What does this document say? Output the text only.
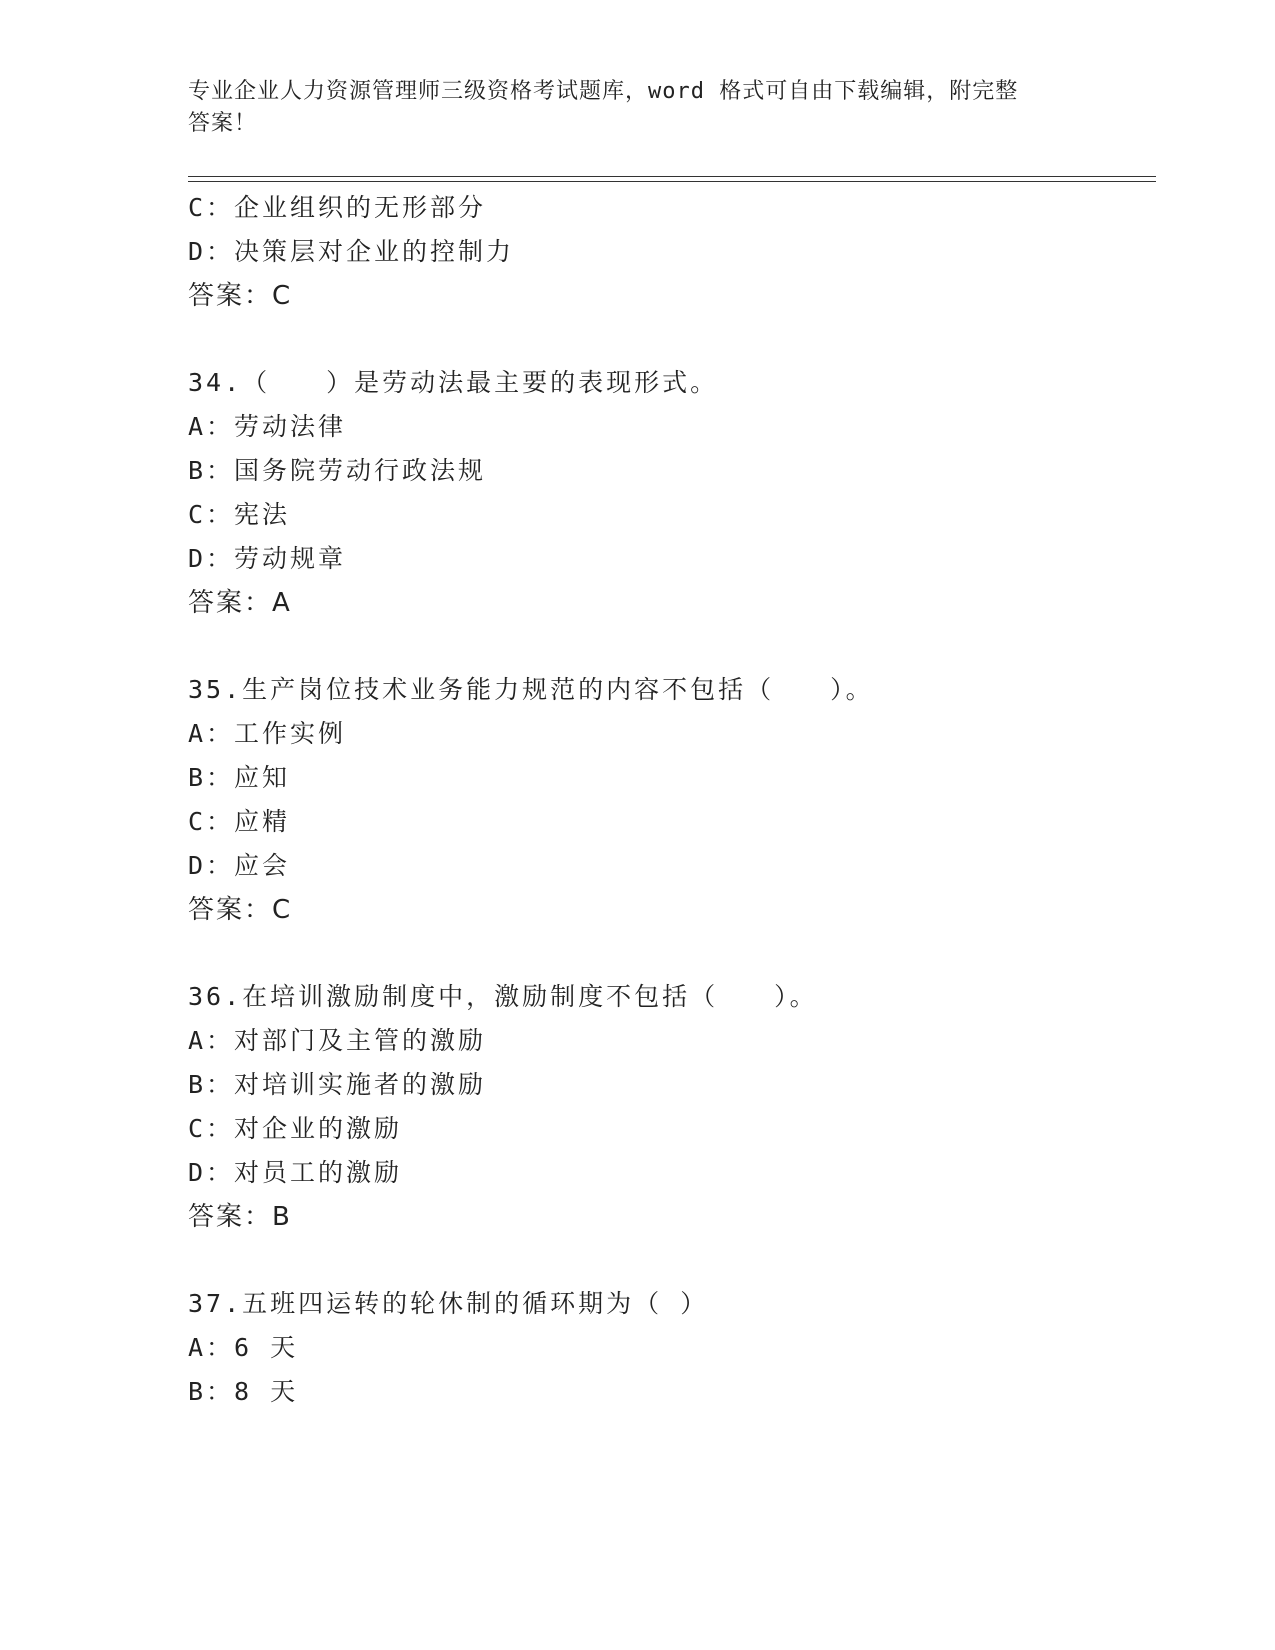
专业企业人力资源管理师三级资格考试题库，word 格式可自由下载编辑，附完整
答案！
C：企业组织的无形部分
D：决策层对企业的控制力
答案：C
34.（　　）是劳动法最主要的表现形式。
A：劳动法律
B：国务院劳动行政法规
C：宪法
D：劳动规章
答案：A
35.生产岗位技术业务能力规范的内容不包括（　　）。
A：工作实例
B：应知
C：应精
D：应会
答案：C
36.在培训激励制度中，激励制度不包括（　　）。
A：对部门及主管的激励
B：对培训实施者的激励
C：对企业的激励
D：对员工的激励
答案：B
37.五班四运转的轮休制的循环期为（ ）
A：6 天
B：8 天
